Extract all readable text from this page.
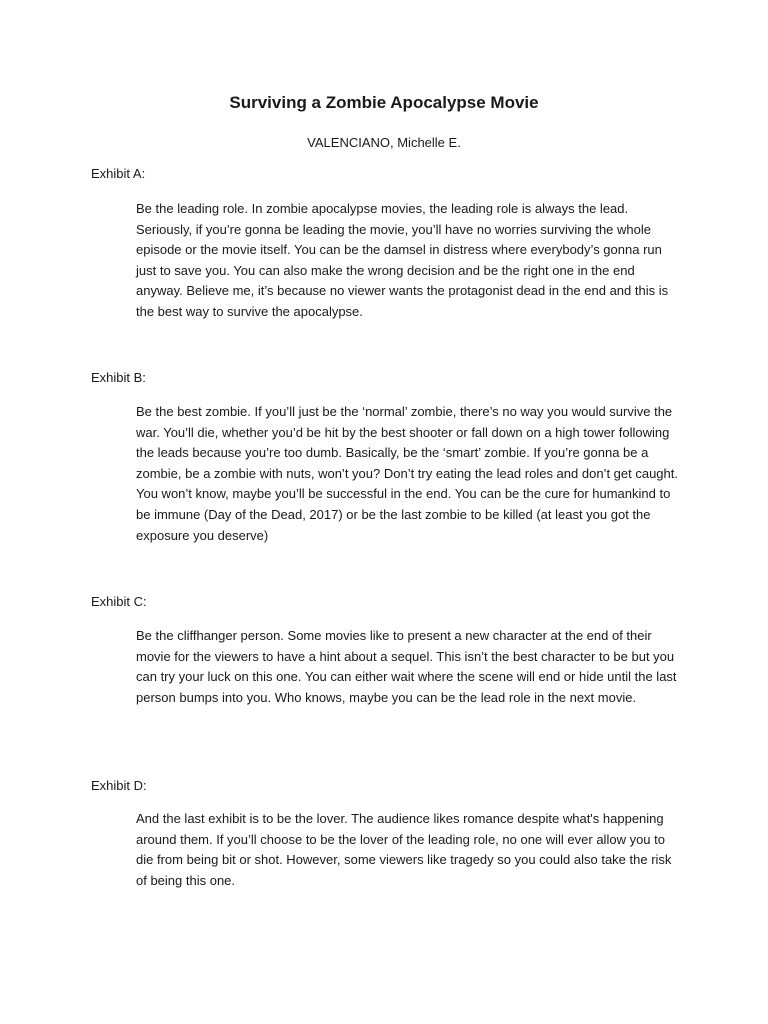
Surviving a Zombie Apocalypse Movie

VALENCIANO, Michelle E.

Exhibit A:

Be the leading role. In zombie apocalypse movies, the leading role is always the lead. Seriously, if you’re gonna be leading the movie, you’ll have no worries surviving the whole episode or the movie itself. You can be the damsel in distress where everybody’s gonna run just to save you. You can also make the wrong decision and be the right one in the end anyway. Believe me, it’s because no viewer wants the protagonist dead in the end and this is the best way to survive the apocalypse.

Exhibit B:

Be the best zombie. If you’ll just be the ‘normal’ zombie, there’s no way you would survive the war. You’ll die, whether you’d be hit by the best shooter or fall down on a high tower following the leads because you’re too dumb. Basically, be the ‘smart’ zombie. If you’re gonna be a zombie, be a zombie with nuts, won’t you? Don’t try eating the lead roles and don’t get caught. You won’t know, maybe you’ll be successful in the end. You can be the cure for humankind to be immune (Day of the Dead, 2017) or be the last zombie to be killed (at least you got the exposure you deserve)

Exhibit C:

Be the cliffhanger person. Some movies like to present a new character at the end of their movie for the viewers to have a hint about a sequel. This isn’t the best character to be but you can try your luck on this one. You can either wait where the scene will end or hide until the last person bumps into you. Who knows, maybe you can be the lead role in the next movie.

Exhibit D:

And the last exhibit is to be the lover. The audience likes romance despite what's happening around them. If you’ll choose to be the lover of the leading role, no one will ever allow you to die from being bit or shot. However, some viewers like tragedy so you could also take the risk of being this one.
